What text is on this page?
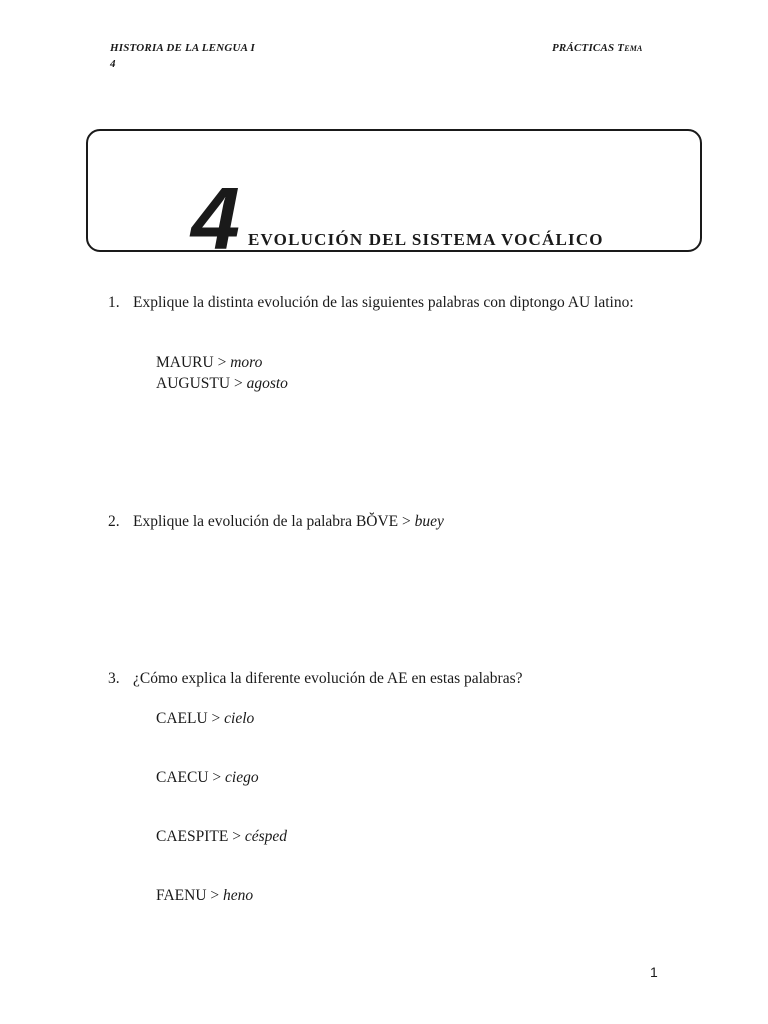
HISTORIA DE LA LENGUA I
4
PRÁCTICAS Tema
4 EVOLUCIÓN DEL SISTEMA VOCÁLICO
1. Explique la distinta evolución de las siguientes palabras con diptongo AU latino:
MAURU > moro
AUGUSTU > agosto
2. Explique la evolución de la palabra BŎVE > buey
3. ¿Cómo explica la diferente evolución de AE en estas palabras?
CAELU > cielo
CAECU > ciego
CAESPITE > césped
FAENU > heno
1
